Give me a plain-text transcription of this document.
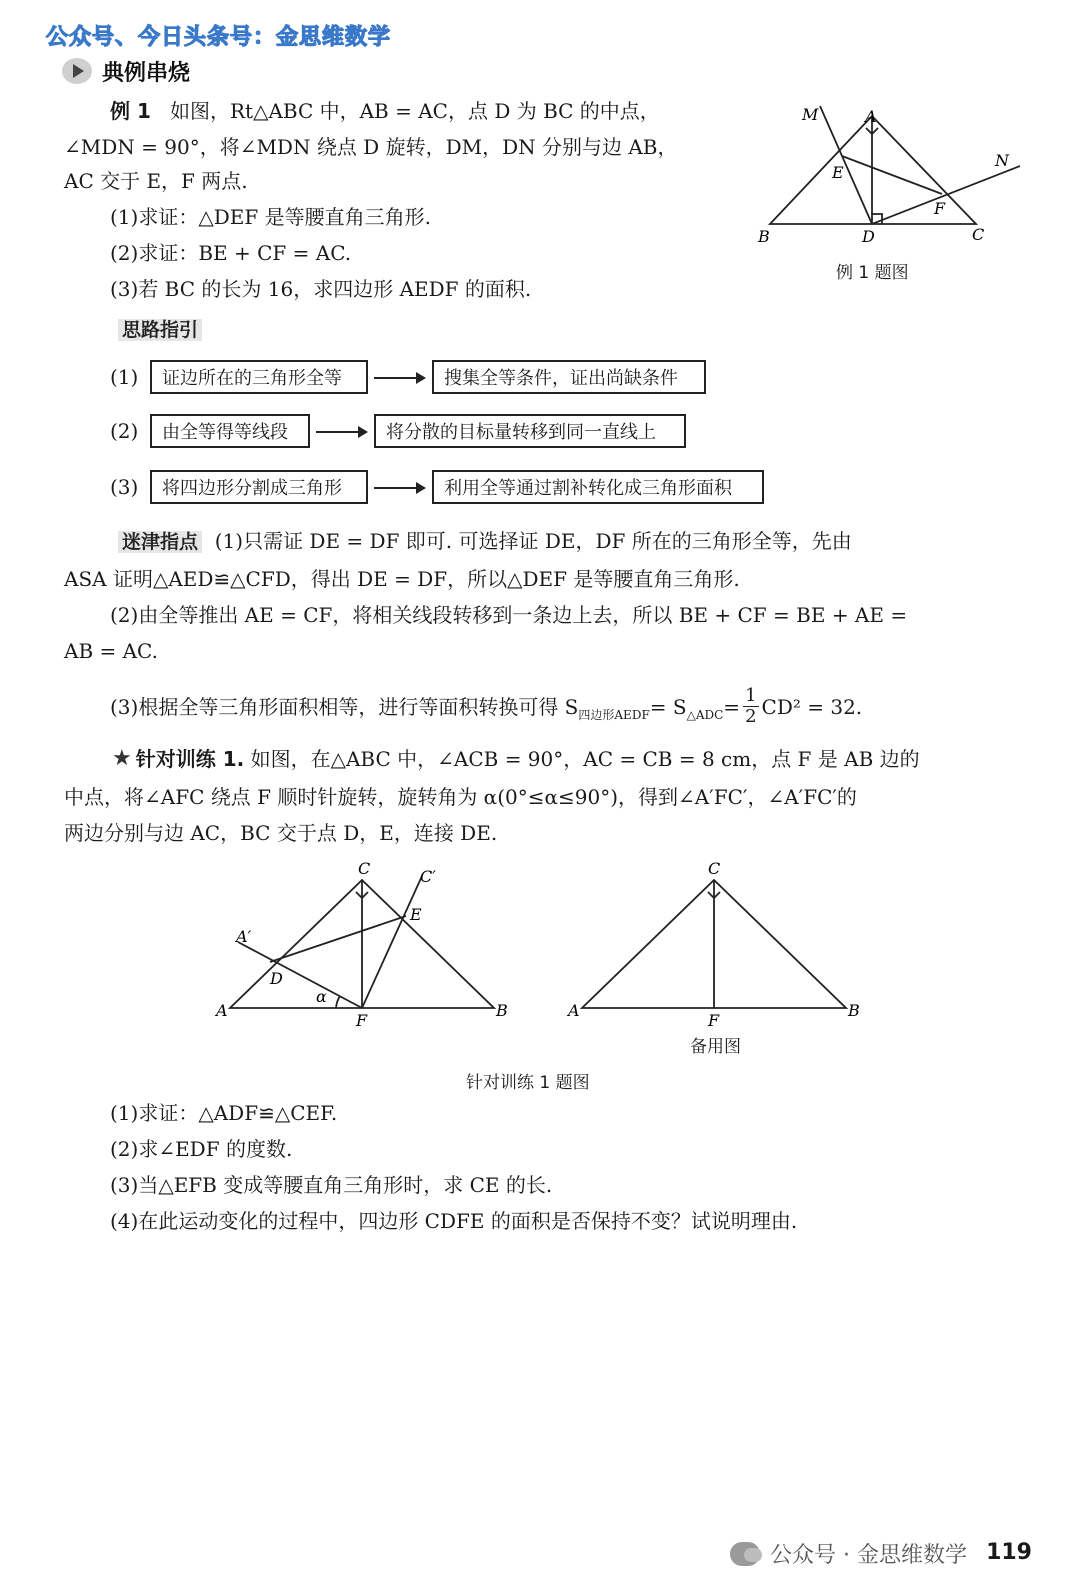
公众号、今日头条号：金思维数学
典例串烧
例 1 如图，Rt△ABC 中，AB = AC，点 D 为 BC 的中点，
∠MDN = 90°，将∠MDN 绕点 D 旋转，DM，DN 分别与边 AB，
AC 交于 E，F 两点.
(1)求证：△DEF 是等腰直角三角形.
(2)求证：BE + CF = AC.
(3)若 BC 的长为 16，求四边形 AEDF 的面积.
M	A
N
E
F
B	D	C
例 1 题图
思路指引
(1)	证边所在的三角形全等	搜集全等条件，证出尚缺条件
(2)	由全等得等线段	将分散的目标量转移到同一直线上
(3)	将四边形分割成三角形	利用全等通过割补转化成三角形面积
迷津指点 (1)只需证 DE = DF 即可. 可选择证 DE，DF 所在的三角形全等，先由
ASA 证明△AED≌△CFD，得出 DE = DF，所以△DEF 是等腰直角三角形.
(2)由全等推出 AE = CF，将相关线段转移到一条边上去，所以 BE + CF = BE + AE =
AB = AC.
(3)根据全等三角形面积相等，进行等面积转换可得 S 四边形AEDF = S △ADC = $\frac{1}{2} CD^2 = 32$.
★ 针对训练 1.
如图，在△ABC 中，∠ACB = 90°，AC = CB = 8 cm，点 F 是 AB 边的
中点，将∠AFC 绕点 F 顺时针旋转，旋转角为 α(0°≤α≤90°)，得到∠A′FC′，∠A′FC′的
两边分别与边 AC，BC 交于点 D，E，连接 DE.
C	C′
A′
E
D
α
A
F
B
C
A	B
F
备用图
针对训练 1 题图
(1)求证：△ADF≌△CEF.
(2)求∠EDF 的度数.
(3)当△EFB 变成等腰直角三角形时，求 CE 的长.
(4)在此运动变化的过程中，四边形 CDFE 的面积是否保持不变？试说明理由.
公众号 · 金思维数学 119
